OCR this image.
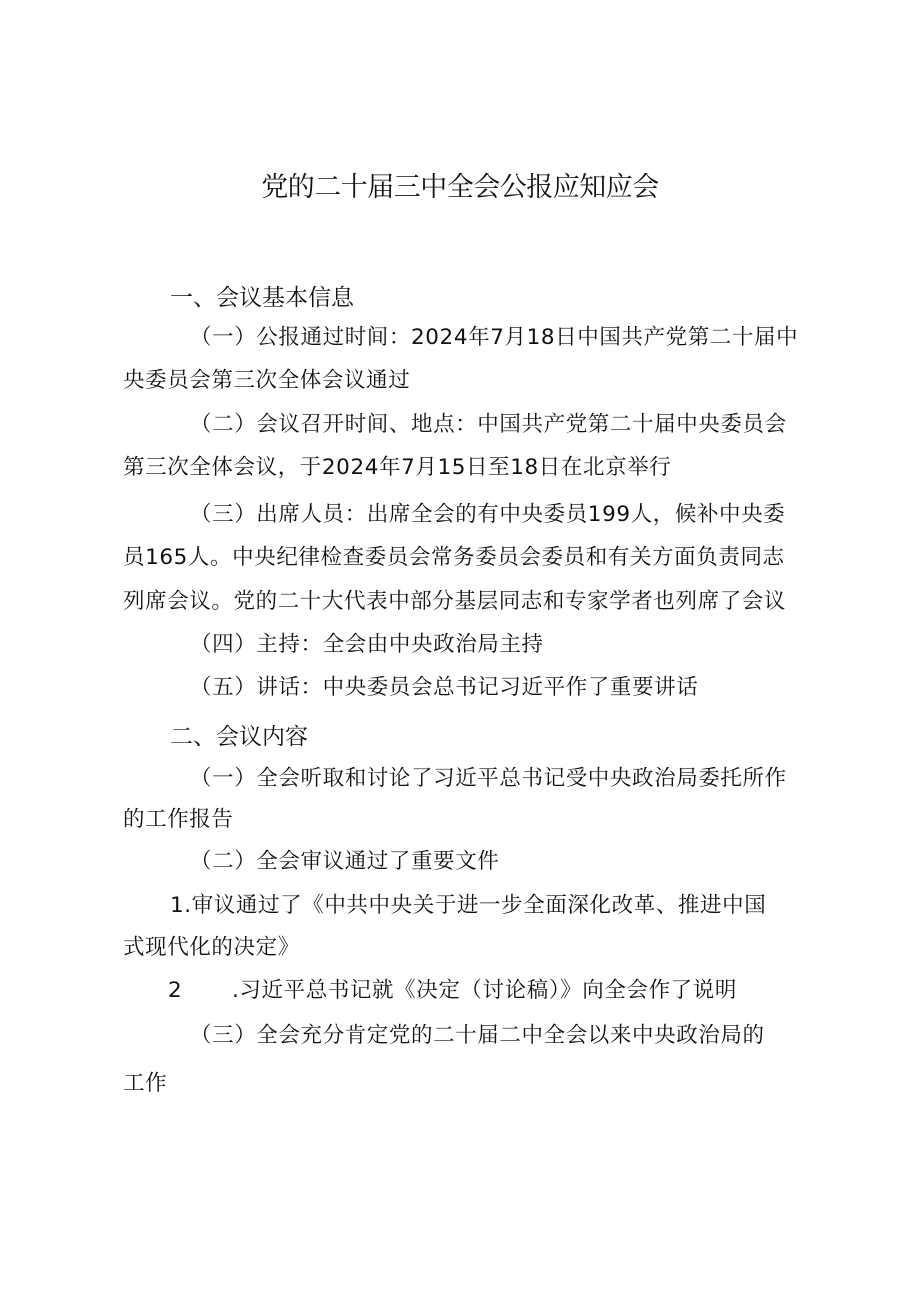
党的二十届三中全会公报应知应会
一、会议基本信息
（一）公报通过时间：2024年7月18日中国共产党第二十届中
央委员会第三次全体会议通过
（二）会议召开时间、地点：中国共产党第二十届中央委员会
第三次全体会议，于2024年7月15日至18日在北京举行
（三）出席人员：出席全会的有中央委员199人，候补中央委
员165人。中央纪律检查委员会常务委员会委员和有关方面负责同志
列席会议。党的二十大代表中部分基层同志和专家学者也列席了会议
（四）主持：全会由中央政治局主持
（五）讲话：中央委员会总书记习近平作了重要讲话
二、会议内容
（一）全会听取和讨论了习近平总书记受中央政治局委托所作
的工作报告
（二）全会审议通过了重要文件
1.审议通过了《中共中央关于进一步全面深化改革、推进中国
式现代化的决定》
2 .习近平总书记就《决定（讨论稿）》向全会作了说明
（三）全会充分肯定党的二十届二中全会以来中央政治局的
工作
